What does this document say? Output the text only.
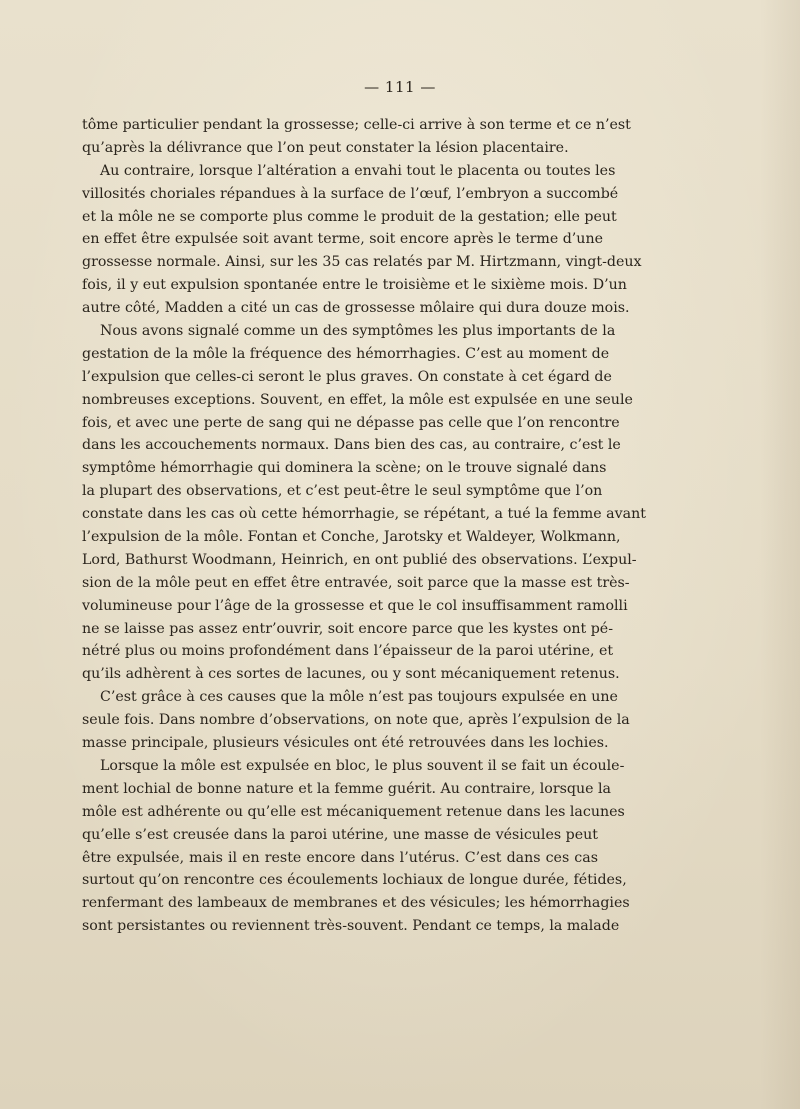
— 111 —
tôme particulier pendant la grossesse; celle-ci arrive à son terme et ce n’est
qu’après la délivrance que l’on peut constater la lésion placentaire.
Au contraire, lorsque l’altération a envahi tout le placenta ou toutes les
villosités choriales répandues à la surface de l’œuf, l’embryon a succombé
et la môle ne se comporte plus comme le produit de la gestation; elle peut
en effet être expulsée soit avant terme, soit encore après le terme d’une
grossesse normale. Ainsi, sur les 35 cas relatés par M. Hirtzmann, vingt-deux
fois, il y eut expulsion spontanée entre le troisième et le sixième mois. D’un
autre côté, Madden a cité un cas de grossesse môlaire qui dura douze mois.
Nous avons signalé comme un des symptômes les plus importants de la
gestation de la môle la fréquence des hémorrhagies. C’est au moment de
l’expulsion que celles-ci seront le plus graves. On constate à cet égard de
nombreuses exceptions. Souvent, en effet, la môle est expulsée en une seule
fois, et avec une perte de sang qui ne dépasse pas celle que l’on rencontre
dans les accouchements normaux. Dans bien des cas, au contraire, c’est le
symptôme hémorrhagie qui dominera la scène; on le trouve signalé dans
la plupart des observations, et c’est peut-être le seul symptôme que l’on
constate dans les cas où cette hémorrhagie, se répétant, a tué la femme avant
l’expulsion de la môle. Fontan et Conche, Jarotsky et Waldeyer, Wolkmann,
Lord, Bathurst Woodmann, Heinrich, en ont publié des observations. L’expul-
sion de la môle peut en effet être entravée, soit parce que la masse est très-
volumineuse pour l’âge de la grossesse et que le col insuffisamment ramolli
ne se laisse pas assez entr’ouvrir, soit encore parce que les kystes ont pé-
nétré plus ou moins profondément dans l’épaisseur de la paroi utérine, et
qu’ils adhèrent à ces sortes de lacunes, ou y sont mécaniquement retenus.
C’est grâce à ces causes que la môle n’est pas toujours expulsée en une
seule fois. Dans nombre d’observations, on note que, après l’expulsion de la
masse principale, plusieurs vésicules ont été retrouvées dans les lochies.
Lorsque la môle est expulsée en bloc, le plus souvent il se fait un écoule-
ment lochial de bonne nature et la femme guérit. Au contraire, lorsque la
môle est adhérente ou qu’elle est mécaniquement retenue dans les lacunes
qu’elle s’est creusée dans la paroi utérine, une masse de vésicules peut
être expulsée, mais il en reste encore dans l’utérus. C’est dans ces cas
surtout qu’on rencontre ces écoulements lochiaux de longue durée, fétides,
renfermant des lambeaux de membranes et des vésicules; les hémorrhagies
sont persistantes ou reviennent très-souvent. Pendant ce temps, la malade
